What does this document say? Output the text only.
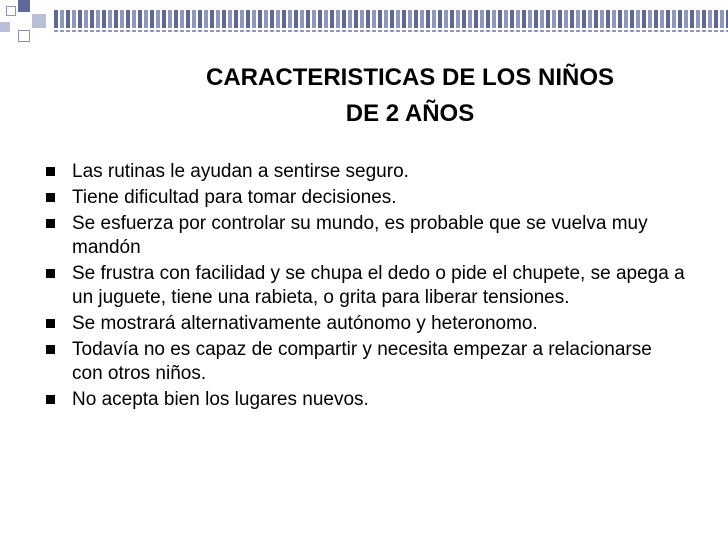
CARACTERISTICAS DE LOS NIÑOS
DE 2 AÑOS
Las rutinas le ayudan a sentirse seguro.
Tiene dificultad para tomar decisiones.
Se esfuerza por controlar su mundo, es probable que se vuelva muy mandón
Se frustra con facilidad y se chupa el dedo o pide el chupete, se apega a un juguete, tiene una rabieta, o grita para liberar tensiones.
Se mostrará alternativamente autónomo y heteronomo.
Todavía no es capaz de compartir y necesita empezar a relacionarse con otros niños.
No acepta bien los lugares nuevos.
